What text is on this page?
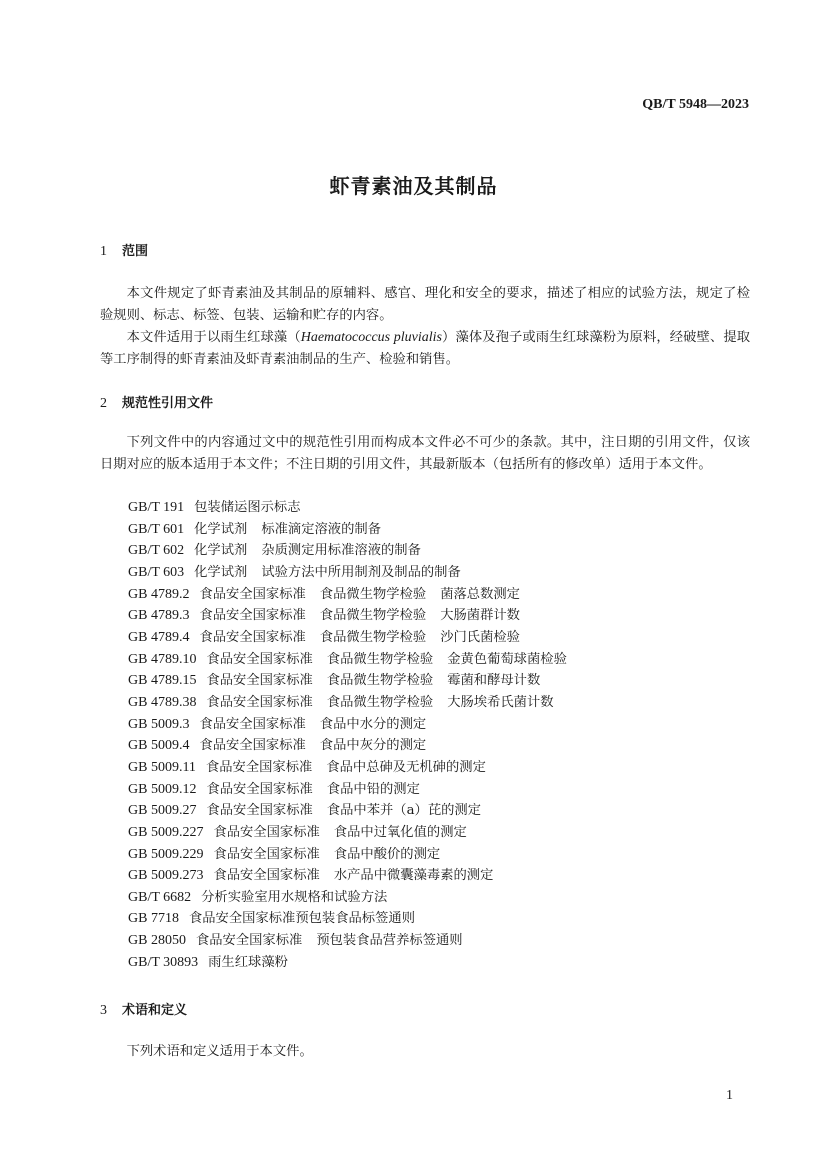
QB/T 5948—2023
虾青素油及其制品
1 范围

本文件规定了虾青素油及其制品的原辅料、感官、理化和安全的要求，描述了相应的试验方法，规定了检验规则、标志、标签、包装、运输和贮存的内容。

本文件适用于以雨生红球藻（Haematococcus pluvialis）藻体及孢子或雨生红球藻粉为原料，经破壁、提取等工序制得的虾青素油及虾青素油制品的生产、检验和销售。

2 规范性引用文件

下列文件中的内容通过文中的规范性引用而构成本文件必不可少的条款。其中，注日期的引用文件，仅该日期对应的版本适用于本文件；不注日期的引用文件，其最新版本（包括所有的修改单）适用于本文件。

GB/T 191 包装储运图示标志
GB/T 601 化学试剂 标准滴定溶液的制备
GB/T 602 化学试剂 杂质测定用标准溶液的制备
GB/T 603 化学试剂 试验方法中所用制剂及制品的制备
GB 4789.2 食品安全国家标准 食品微生物学检验 菌落总数测定
GB 4789.3 食品安全国家标准 食品微生物学检验 大肠菌群计数
GB 4789.4 食品安全国家标准 食品微生物学检验 沙门氏菌检验
GB 4789.10 食品安全国家标准 食品微生物学检验 金黄色葡萄球菌检验
GB 4789.15 食品安全国家标准 食品微生物学检验 霉菌和酵母计数
GB 4789.38 食品安全国家标准 食品微生物学检验 大肠埃希氏菌计数
GB 5009.3 食品安全国家标准 食品中水分的测定
GB 5009.4 食品安全国家标准 食品中灰分的测定
GB 5009.11 食品安全国家标准 食品中总砷及无机砷的测定
GB 5009.12 食品安全国家标准 食品中铅的测定
GB 5009.27 食品安全国家标准 食品中苯并（a）芘的测定
GB 5009.227 食品安全国家标准 食品中过氧化值的测定
GB 5009.229 食品安全国家标准 食品中酸价的测定
GB 5009.273 食品安全国家标准 水产品中微囊藻毒素的测定
GB/T 6682 分析实验室用水规格和试验方法
GB 7718 食品安全国家标准预包装食品标签通则
GB 28050 食品安全国家标准 预包装食品营养标签通则
GB/T 30893 雨生红球藻粉
3 术语和定义

下列术语和定义适用于本文件。

1
